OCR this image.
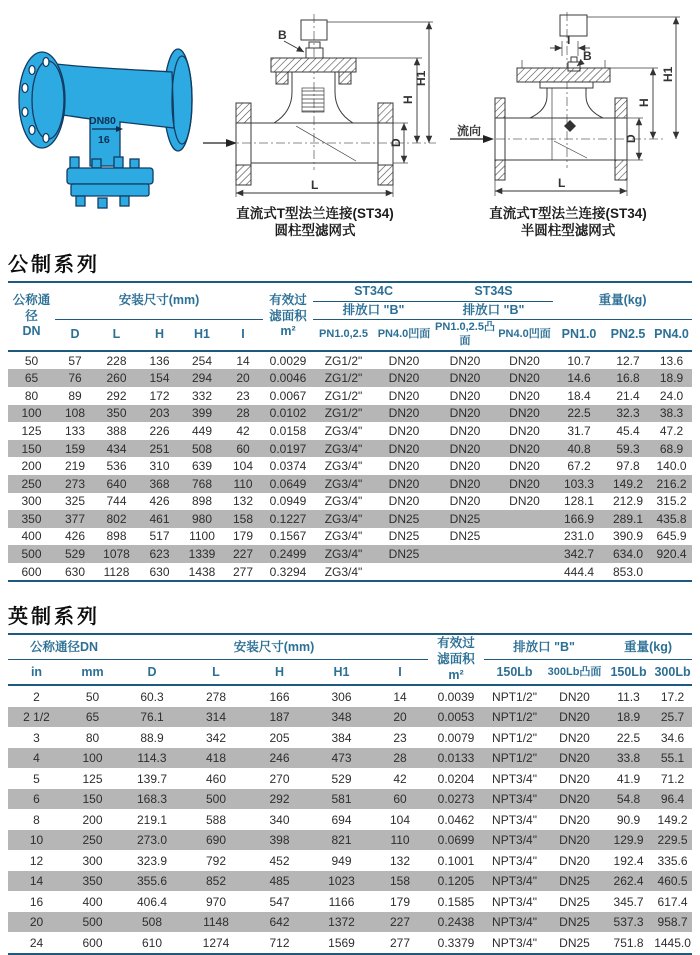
DN80
16
B
H
H1
D
L
流向
I
B
H
H1
D
L
直流式T型法兰连接(ST34)
圆柱型滤网式
直流式T型法兰连接(ST34)
半圆柱型滤网式
公制系列
公称通径
DN	安装尺寸(mm)					有效过
滤面积
m²	ST34C		ST34S		重量(kg)		
							排放口 "B"		排放口 "B"				
	D	L	H	H1	I		PN1.0,2.5	PN4.0凹面	PN1.0,2.5凸面	PN4.0凹面	PN1.0	PN2.5	PN4.0
50	57	228	136	254	14	0.0029	ZG1/2"	DN20	DN20	DN20	10.7	12.7	13.6
65	76	260	154	294	20	0.0046	ZG1/2"	DN20	DN20	DN20	14.6	16.8	18.9
80	89	292	172	332	23	0.0067	ZG1/2"	DN20	DN20	DN20	18.4	21.4	24.0
100	108	350	203	399	28	0.0102	ZG1/2"	DN20	DN20	DN20	22.5	32.3	38.3
125	133	388	226	449	42	0.0158	ZG3/4"	DN20	DN20	DN20	31.7	45.4	47.2
150	159	434	251	508	60	0.0197	ZG3/4"	DN20	DN20	DN20	40.8	59.3	68.9
200	219	536	310	639	104	0.0374	ZG3/4"	DN20	DN20	DN20	67.2	97.8	140.0
250	273	640	368	768	110	0.0649	ZG3/4"	DN20	DN20	DN20	103.3	149.2	216.2
300	325	744	426	898	132	0.0949	ZG3/4"	DN20	DN20	DN20	128.1	212.9	315.2
350	377	802	461	980	158	0.1227	ZG3/4"	DN25	DN25		166.9	289.1	435.8
400	426	898	517	1100	179	0.1567	ZG3/4"	DN25	DN25		231.0	390.9	645.9
500	529	1078	623	1339	227	0.2499	ZG3/4"	DN25			342.7	634.0	920.4
600	630	1128	630	1438	277	0.3294	ZG3/4"				444.4	853.0	
英制系列
公称通径DN		安装尺寸(mm)					有效过
滤面积
m²	排放口 "B"		重量(kg)	
in	mm	D	L	H	H1	I		150Lb	300Lb凸面	150Lb	300Lb
2	50	60.3	278	166	306	14	0.0039	NPT1/2"	DN20	11.3	17.2
2 1/2	65	76.1	314	187	348	20	0.0053	NPT1/2"	DN20	18.9	25.7
3	80	88.9	342	205	384	23	0.0079	NPT1/2"	DN20	22.5	34.6
4	100	114.3	418	246	473	28	0.0133	NPT1/2"	DN20	33.8	55.1
5	125	139.7	460	270	529	42	0.0204	NPT3/4"	DN20	41.9	71.2
6	150	168.3	500	292	581	60	0.0273	NPT3/4"	DN20	54.8	96.4
8	200	219.1	588	340	694	104	0.0462	NPT3/4"	DN20	90.9	149.2
10	250	273.0	690	398	821	110	0.0699	NPT3/4"	DN20	129.9	229.5
12	300	323.9	792	452	949	132	0.1001	NPT3/4"	DN20	192.4	335.6
14	350	355.6	852	485	1023	158	0.1205	NPT3/4"	DN25	262.4	460.5
16	400	406.4	970	547	1166	179	0.1585	NPT3/4"	DN25	345.7	617.4
20	500	508	1148	642	1372	227	0.2438	NPT3/4"	DN25	537.3	958.7
24	600	610	1274	712	1569	277	0.3379	NPT3/4"	DN25	751.8	1445.0
